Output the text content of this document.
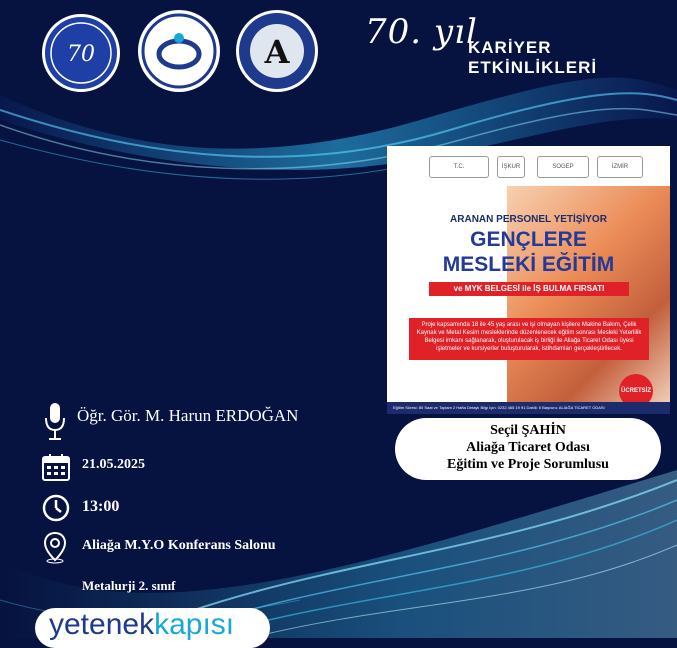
70	A 70. yıl
KARİYER ETKİNLİKLERİ
T.C.	İŞKUR	SOGEP	İZMİR
ARANAN PERSONEL YETİŞİYOR
GENÇLERE
MESLEKİ EĞİTİM
ve MYK BELGESİ ile İŞ BULMA FIRSATI
Proje kapsamında 18 ile 45 yaş arası ve işi olmayan kişilere Makine Bakım, Çelik Kaynak ve Metal Kesim mesleklerinde düzenlenecek eğitim sonrası Mesleki Yeterlilik Belgesi imkanı sağlanarak, oluşturulacak iş birliği ile Aliağa Ticaret Odası üyesi işletmeler ve kursiyerler buluşturularak, istihdamları gerçekleştirilecek.
ÜCRETSİZ
Eğitim Süresi: 80 Saat ve Toplam 2 Hafta Detaylı Bilgi İçin: 0232 465 19 91 Dahili: 5 Başvuru: ALİAĞA TİCARET ODASI
Seçil ŞAHİN
Aliağa Ticaret Odası
Eğitim ve Proje Sorumlusu
Öğr. Gör. M. Harun ERDOĞAN
21.05.2025
13:00
Aliağa M.Y.O Konferans Salonu
Metalurji 2. sınıf
yetenekkapısı
